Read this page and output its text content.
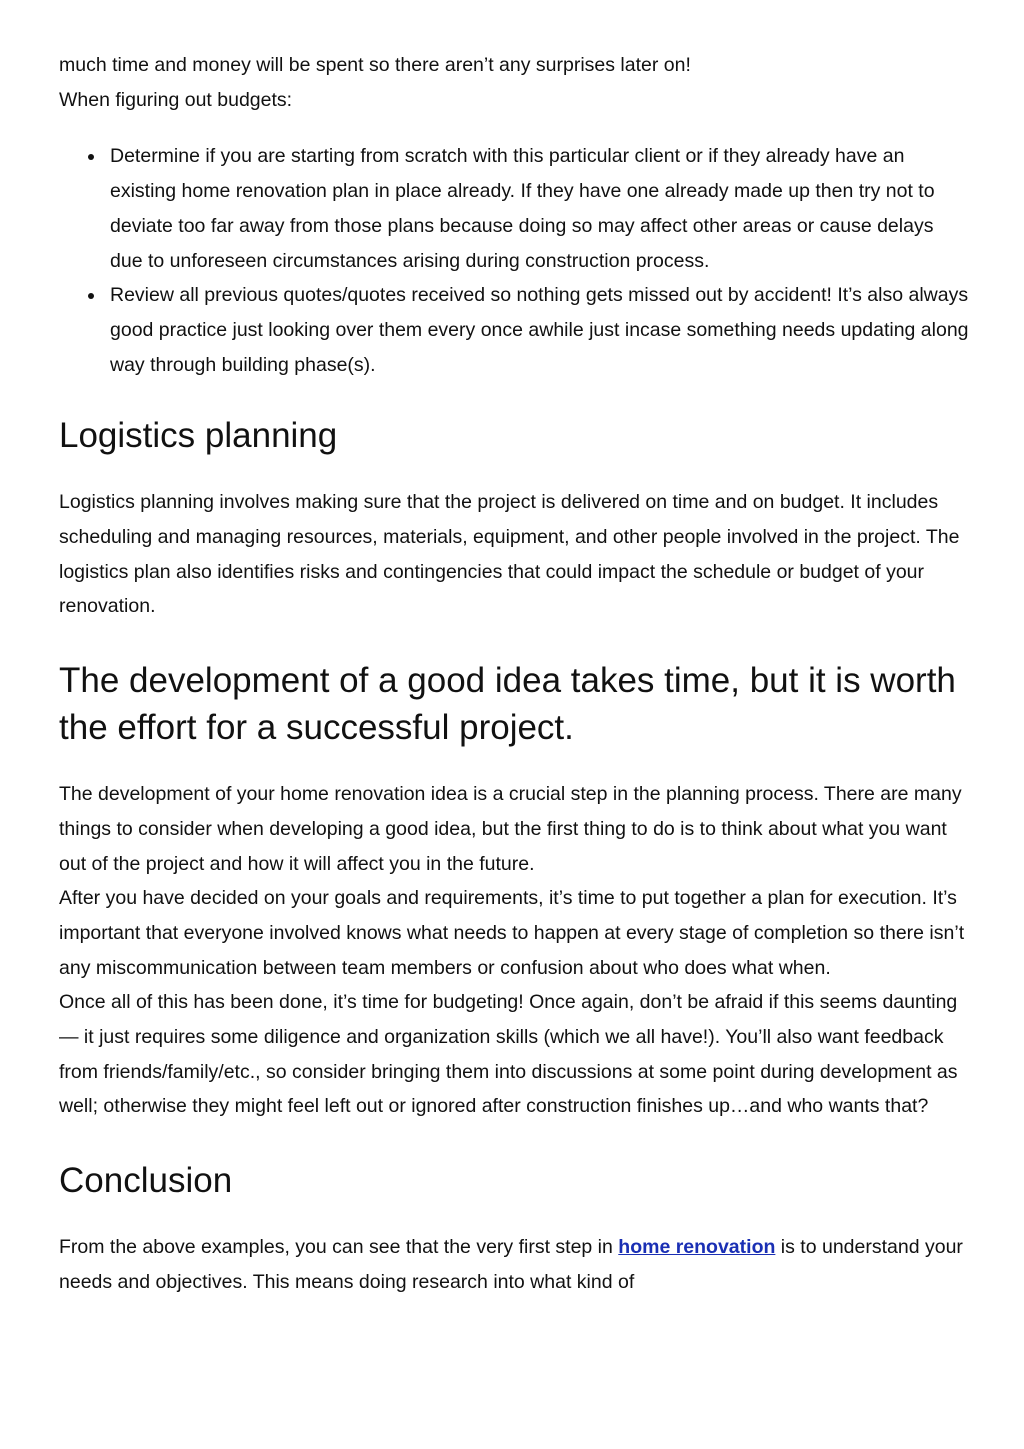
much time and money will be spent so there aren’t any surprises later on!

When figuring out budgets:

Determine if you are starting from scratch with this particular client or if they already have an existing home renovation plan in place already. If they have one already made up then try not to deviate too far away from those plans because doing so may affect other areas or cause delays due to unforeseen circumstances arising during construction process.
Review all previous quotes/quotes received so nothing gets missed out by accident! It’s also always good practice just looking over them every once awhile just incase something needs updating along way through building phase(s).
Logistics planning

Logistics planning involves making sure that the project is delivered on time and on budget. It includes scheduling and managing resources, materials, equipment, and other people involved in the project. The logistics plan also identifies risks and contingencies that could impact the schedule or budget of your renovation.

The development of a good idea takes time, but it is worth the effort for a successful project.

The development of your home renovation idea is a crucial step in the planning process. There are many things to consider when developing a good idea, but the first thing to do is to think about what you want out of the project and how it will affect you in the future.

After you have decided on your goals and requirements, it’s time to put together a plan for execution. It’s important that everyone involved knows what needs to happen at every stage of completion so there isn’t any miscommunication between team members or confusion about who does what when.

Once all of this has been done, it’s time for budgeting! Once again, don’t be afraid if this seems daunting — it just requires some diligence and organization skills (which we all have!). You’ll also want feedback from friends/family/etc., so consider bringing them into discussions at some point during development as well; otherwise they might feel left out or ignored after construction finishes up…and who wants that?

Conclusion

From the above examples, you can see that the very first step in home renovation is to understand your needs and objectives. This means doing research into what kind of
